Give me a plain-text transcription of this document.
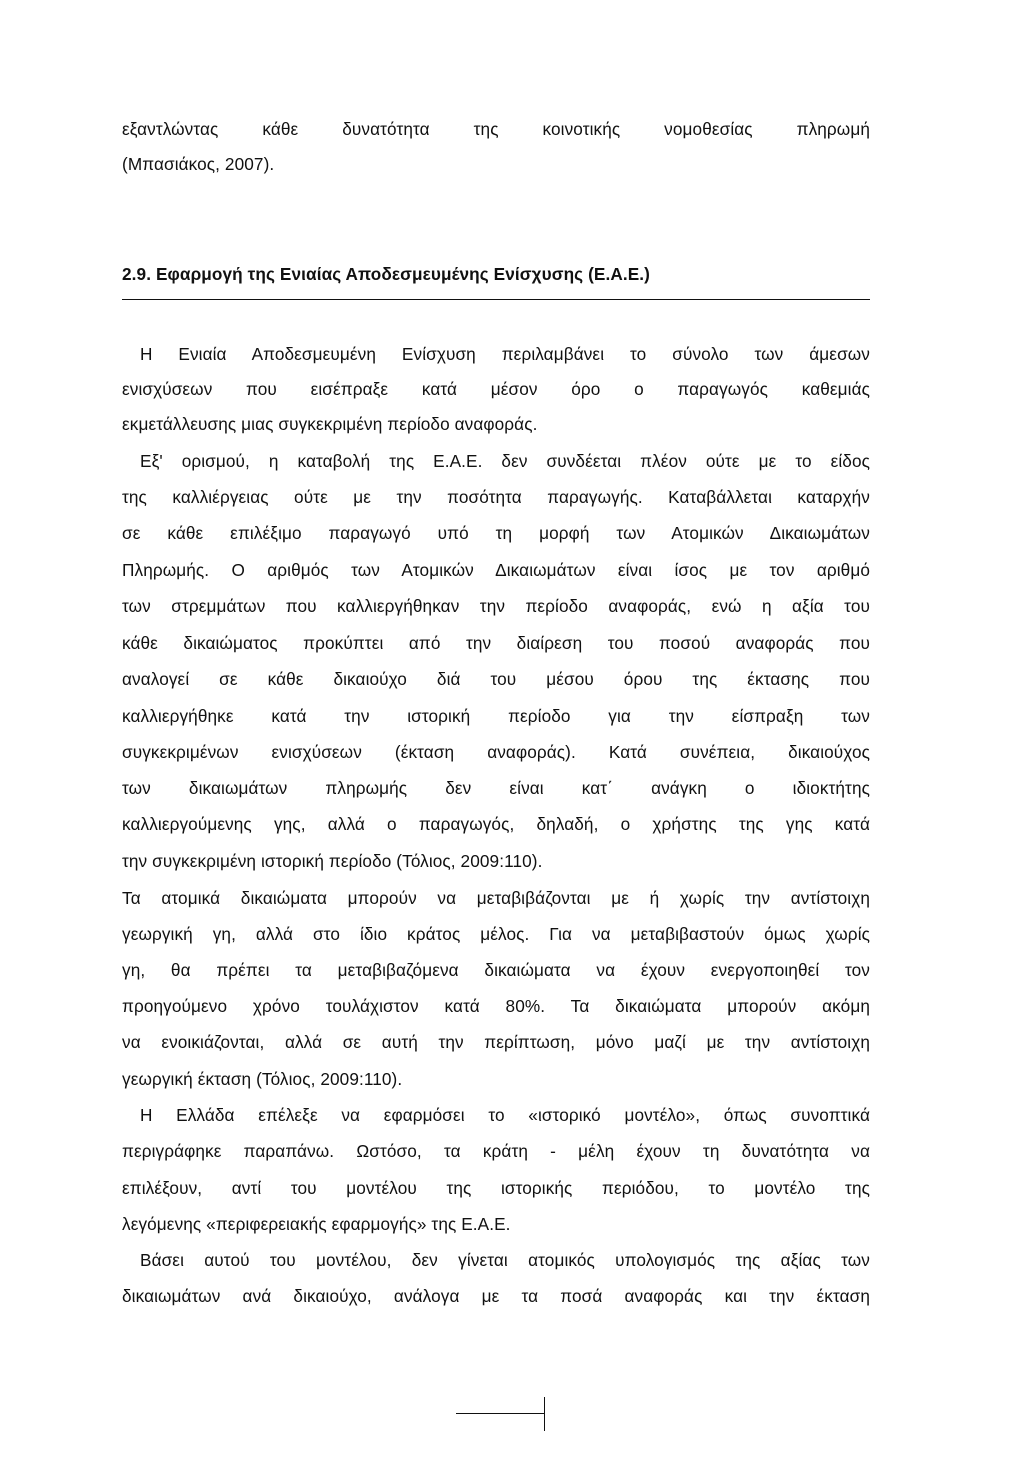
εξαντλώντας κάθε δυνατότητα της κοινοτικής νομοθεσίας πληρωμή
(Μπασιάκος, 2007).
2.9. Εφαρμογή της Ενιαίας Αποδεσμευμένης Ενίσχυσης (Ε.Α.Ε.)
Η Ενιαία Αποδεσμευμένη Ενίσχυση περιλαμβάνει το σύνολο των άμεσων
ενισχύσεων που εισέπραξε κατά μέσον όρο ο παραγωγός καθεμιάς
εκμετάλλευσης μιας συγκεκριμένη περίοδο αναφοράς.
Εξ' ορισμού, η καταβολή της Ε.Α.Ε. δεν συνδέεται πλέον ούτε με το είδος
της καλλιέργειας ούτε με την ποσότητα παραγωγής. Καταβάλλεται καταρχήν
σε κάθε επιλέξιμο παραγωγό υπό τη μορφή των Ατομικών Δικαιωμάτων
Πληρωμής. Ο αριθμός των Ατομικών Δικαιωμάτων είναι ίσος με τον αριθμό
των στρεμμάτων που καλλιεργήθηκαν την περίοδο αναφοράς, ενώ η αξία του
κάθε δικαιώματος προκύπτει από την διαίρεση του ποσού αναφοράς που
αναλογεί σε κάθε δικαιούχο διά του μέσου όρου της έκτασης που
καλλιεργήθηκε κατά την ιστορική περίοδο για την είσπραξη των
συγκεκριμένων ενισχύσεων (έκταση αναφοράς). Κατά συνέπεια, δικαιούχος
των δικαιωμάτων πληρωμής δεν είναι κατ΄ ανάγκη ο ιδιοκτήτης
καλλιεργούμενης γης, αλλά ο παραγωγός, δηλαδή, ο χρήστης της γης κατά
την συγκεκριμένη ιστορική περίοδο (Τόλιος, 2009:110).
Τα ατομικά δικαιώματα μπορούν να μεταβιβάζονται με ή χωρίς την αντίστοιχη
γεωργική γη, αλλά στο ίδιο κράτος μέλος. Για να μεταβιβαστούν όμως χωρίς
γη, θα πρέπει τα μεταβιβαζόμενα δικαιώματα να έχουν ενεργοποιηθεί τον
προηγούμενο χρόνο τουλάχιστον κατά 80%. Τα δικαιώματα μπορούν ακόμη
να ενοικιάζονται, αλλά σε αυτή την περίπτωση, μόνο μαζί με την αντίστοιχη
γεωργική έκταση (Τόλιος, 2009:110).
Η Ελλάδα επέλεξε να εφαρμόσει το «ιστορικό μοντέλο», όπως συνοπτικά
περιγράφηκε παραπάνω. Ωστόσο, τα κράτη - μέλη έχουν τη δυνατότητα να
επιλέξουν, αντί του μοντέλου της ιστορικής περιόδου, το μοντέλο της
λεγόμενης «περιφερειακής εφαρμογής» της Ε.Α.Ε.
Βάσει αυτού του μοντέλου, δεν γίνεται ατομικός υπολογισμός της αξίας των
δικαιωμάτων ανά δικαιούχο, ανάλογα με τα ποσά αναφοράς και την έκταση
